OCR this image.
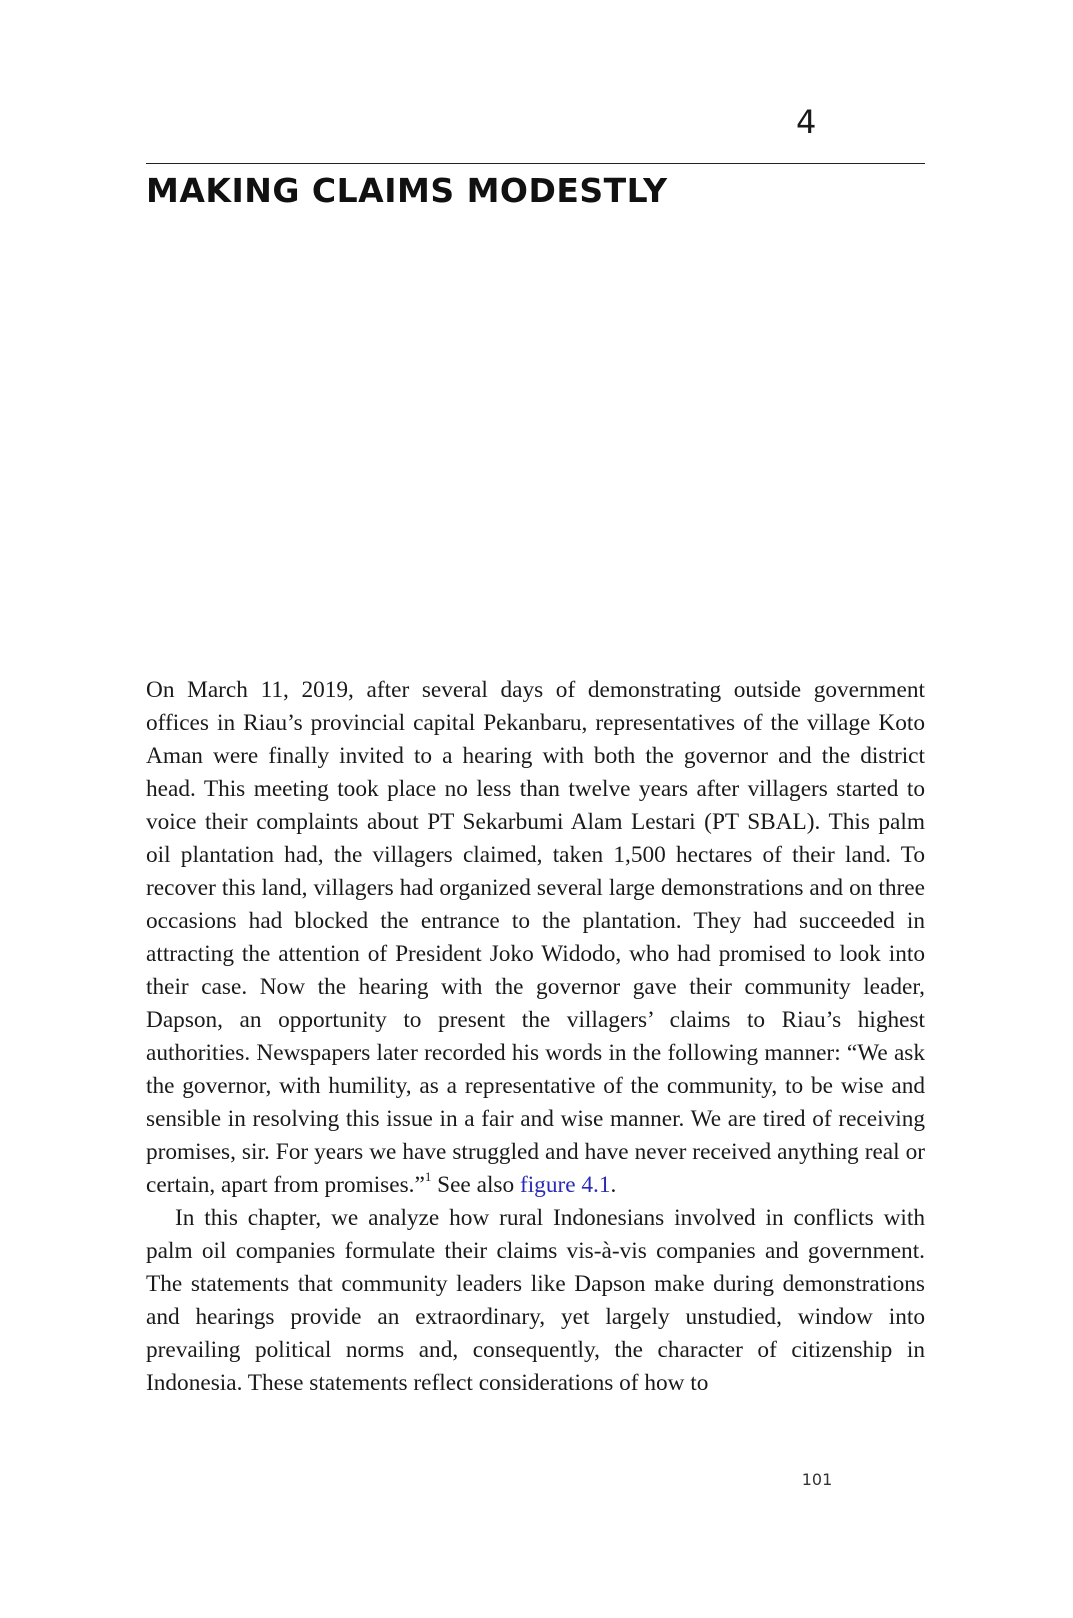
4
MAKING CLAIMS MODESTLY

On March 11, 2019, after several days of demonstrating outside government offices in Riau’s provincial capital Pekanbaru, representatives of the village Koto Aman were finally invited to a hearing with both the governor and the district head. This meeting took place no less than twelve years after villagers started to voice their complaints about PT Sekarbumi Alam Lestari (PT SBAL). This palm oil plantation had, the villagers claimed, taken 1,500 hectares of their land. To recover this land, villagers had organized several large demonstrations and on three occasions had blocked the entrance to the plantation. They had succeeded in attracting the attention of President Joko Widodo, who had promised to look into their case. Now the hearing with the governor gave their community leader, Dapson, an opportunity to present the villagers’ claims to Riau’s highest authorities. Newspapers later recorded his words in the following manner: “We ask the governor, with humility, as a representative of the community, to be wise and sensible in resolving this issue in a fair and wise manner. We are tired of receiving promises, sir. For years we have struggled and have never received anything real or certain, apart from promises.”$^1$ See also figure 4.1.

In this chapter, we analyze how rural Indonesians involved in conflicts with palm oil companies formulate their claims vis-à-vis companies and government. The statements that community leaders like Dapson make during demonstrations and hearings provide an extraordinary, yet largely unstudied, window into prevailing political norms and, consequently, the character of citizenship in Indonesia. These statements reflect considerations of how to

101
